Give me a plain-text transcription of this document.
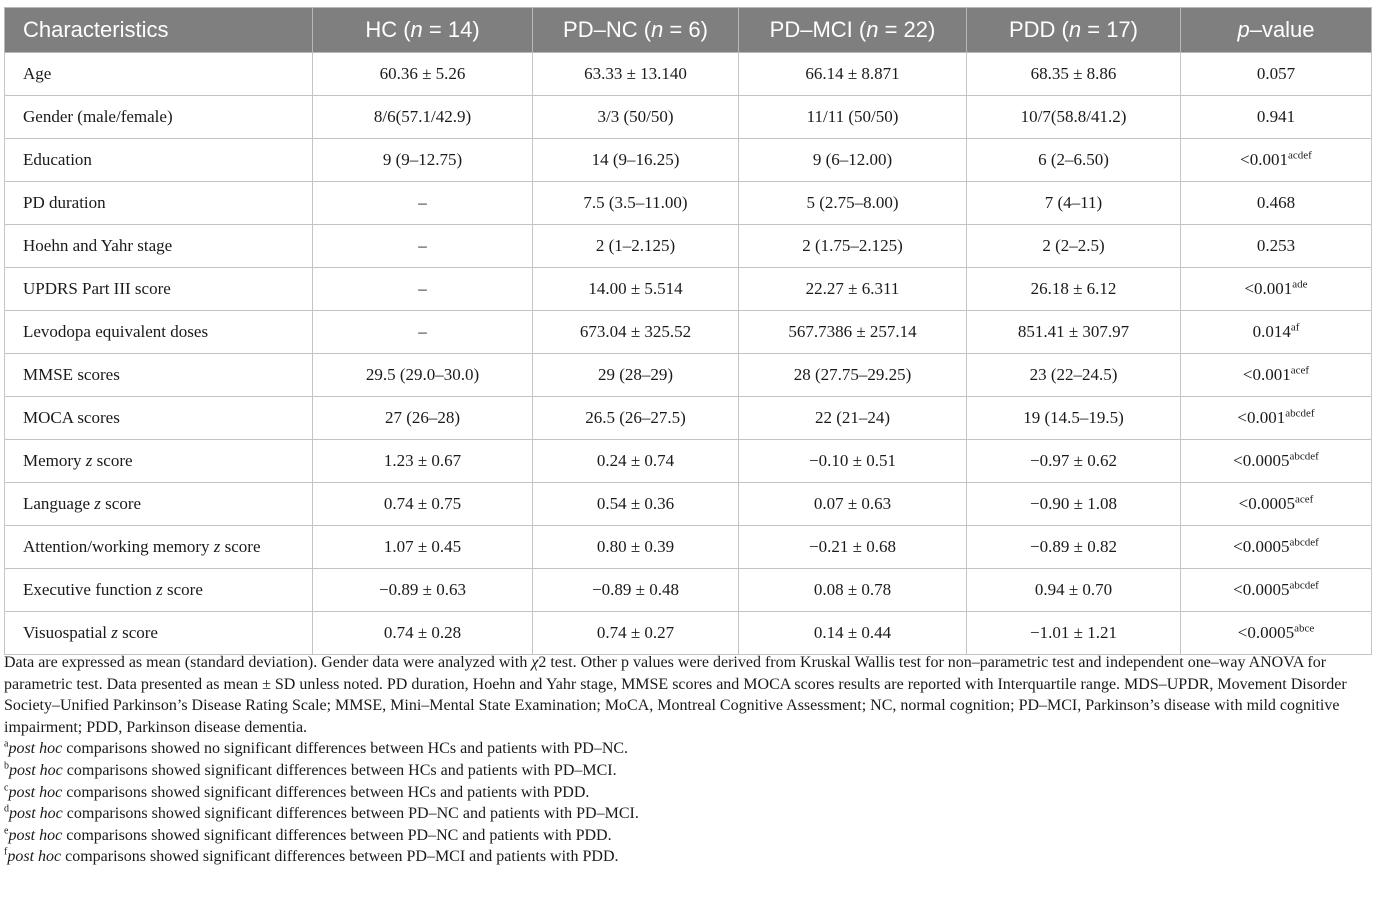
Characteristics	HC (n = 14)	PD–NC (n = 6)	PD–MCI (n = 22)	PDD (n = 17)	p–value
Age	60.36 ± 5.26	63.33 ± 13.140	66.14 ± 8.871	68.35 ± 8.86	0.057
Gender (male/female)	8/6(57.1/42.9)	3/3 (50/50)	11/11 (50/50)	10/7(58.8/41.2)	0.941
Education	9 (9–12.75)	14 (9–16.25)	9 (6–12.00)	6 (2–6.50)	$<0.001^{acdef}$
PD duration	–	7.5 (3.5–11.00)	5 (2.75–8.00)	7 (4–11)	0.468
Hoehn and Yahr stage	–	2 (1–2.125)	2 (1.75–2.125)	2 (2–2.5)	0.253
UPDRS Part III score	–	14.00 ± 5.514	22.27 ± 6.311	26.18 ± 6.12	<0.001$^{ade}$
Levodopa equivalent doses	–	673.04 ± 325.52	567.7386 ± 257.14	851.41 ± 307.97	0.014$^{af}$
MMSE scores	29.5 (29.0–30.0)	29 (28–29)	28 (27.75–29.25)	23 (22–24.5)	$<0.001^{acef}$
MOCA scores	27 (26–28)	26.5 (26–27.5)	22 (21–24)	19 (14.5–19.5)	$<0.001^{abcdef}$
Memory z score	1.23 ± 0.67	0.24 ± 0.74	−0.10 ± 0.51	−0.97 ± 0.62	$<0.0005^{abcdef}$
Language z score	0.74 ± 0.75	0.54 ± 0.36	0.07 ± 0.63	−0.90 ± 1.08	$<0.0005^{acef}$
Attention/working memory z score	1.07 ± 0.45	0.80 ± 0.39	−0.21 ± 0.68	−0.89 ± 0.82	$<0.0005^{abcdef}$
Executive function z score	−0.89 ± 0.63	−0.89 ± 0.48	0.08 ± 0.78	0.94 ± 0.70	$<0.0005^{abcdef}$
Visuospatial z score	0.74 ± 0.28	0.74 ± 0.27	0.14 ± 0.44	−1.01 ± 1.21	$<0.0005^{abce}$

Data are expressed as mean (standard deviation). Gender data were analyzed with χ2 test. Other p values were derived from Kruskal Wallis test for non–parametric test and independent one–way ANOVA for parametric test. Data presented as mean ± SD unless noted. PD duration, Hoehn and Yahr stage, MMSE scores and MOCA scores results are reported with Interquartile range. MDS–UPDR, Movement Disorder Society–Unified Parkinson’s Disease Rating Scale; MMSE, Mini–Mental State Examination; MoCA, Montreal Cognitive Assessment; NC, normal cognition; PD–MCI, Parkinson’s disease with mild cognitive impairment; PDD, Parkinson disease dementia.

$^a$post hoc comparisons showed no significant differences between HCs and patients with PD–NC.

$^b$post hoc comparisons showed significant differences between HCs and patients with PD–MCI.

$^c$post hoc comparisons showed significant differences between HCs and patients with PDD.

$^d$post hoc comparisons showed significant differences between PD–NC and patients with PD–MCI.

$^e$post hoc comparisons showed significant differences between PD–NC and patients with PDD.

$^f$post hoc comparisons showed significant differences between PD–MCI and patients with PDD.
